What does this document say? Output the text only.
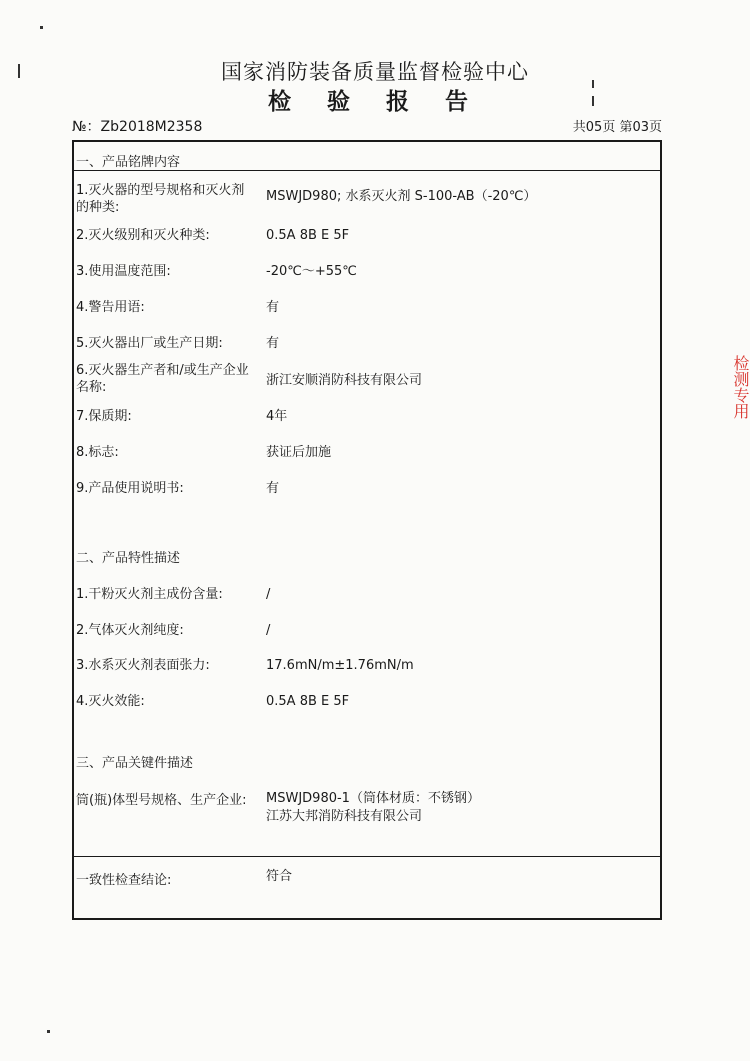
国家消防装备质量监督检验中心
检 验 报 告
№：Zb2018M2358	共05页 第03页
一、产品铭牌内容
1.灭火器的型号规格和灭火剂的种类:
MSWJD980; 水系灭火剂 S-100-AB（-20℃）
2.灭火级别和灭火种类:	0.5A 8B E 5F
3.使用温度范围:	-20℃～+55℃
4.警告用语:	有
5.灭火器出厂或生产日期:	有
6.灭火器生产者和/或生产企业名称:	浙江安顺消防科技有限公司
7.保质期:	4年
8.标志:	获证后加施
9.产品使用说明书:	有
二、产品特性描述
1.干粉灭火剂主成份含量:	/
2.气体灭火剂纯度:	/
3.水系灭火剂表面张力:	17.6mN/m±1.76mN/m
4.灭火效能:	0.5A 8B E 5F
三、产品关键件描述
筒(瓶)体型号规格、生产企业:	MSWJD980-1（筒体材质：不锈钢）
江苏大邦消防科技有限公司
一致性检查结论:	符合
检测专用
